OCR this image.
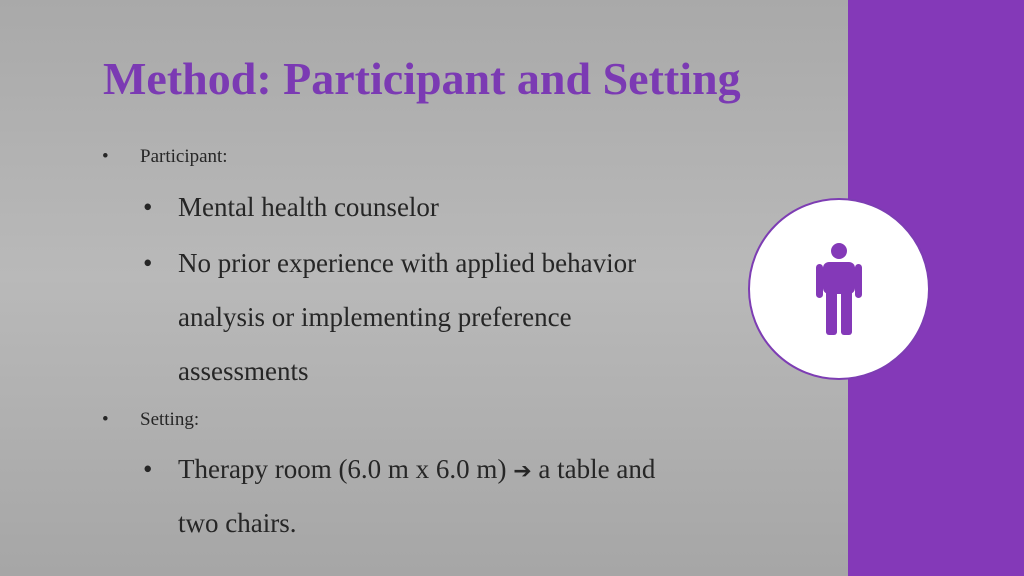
Method: Participant and Setting
• Participant:
• Mental health counselor
• No prior experience with applied behavior
analysis or implementing preference
assessments
• Setting:
• Therapy room (6.0 m x 6.0 m) ➔ a table and
two chairs.
